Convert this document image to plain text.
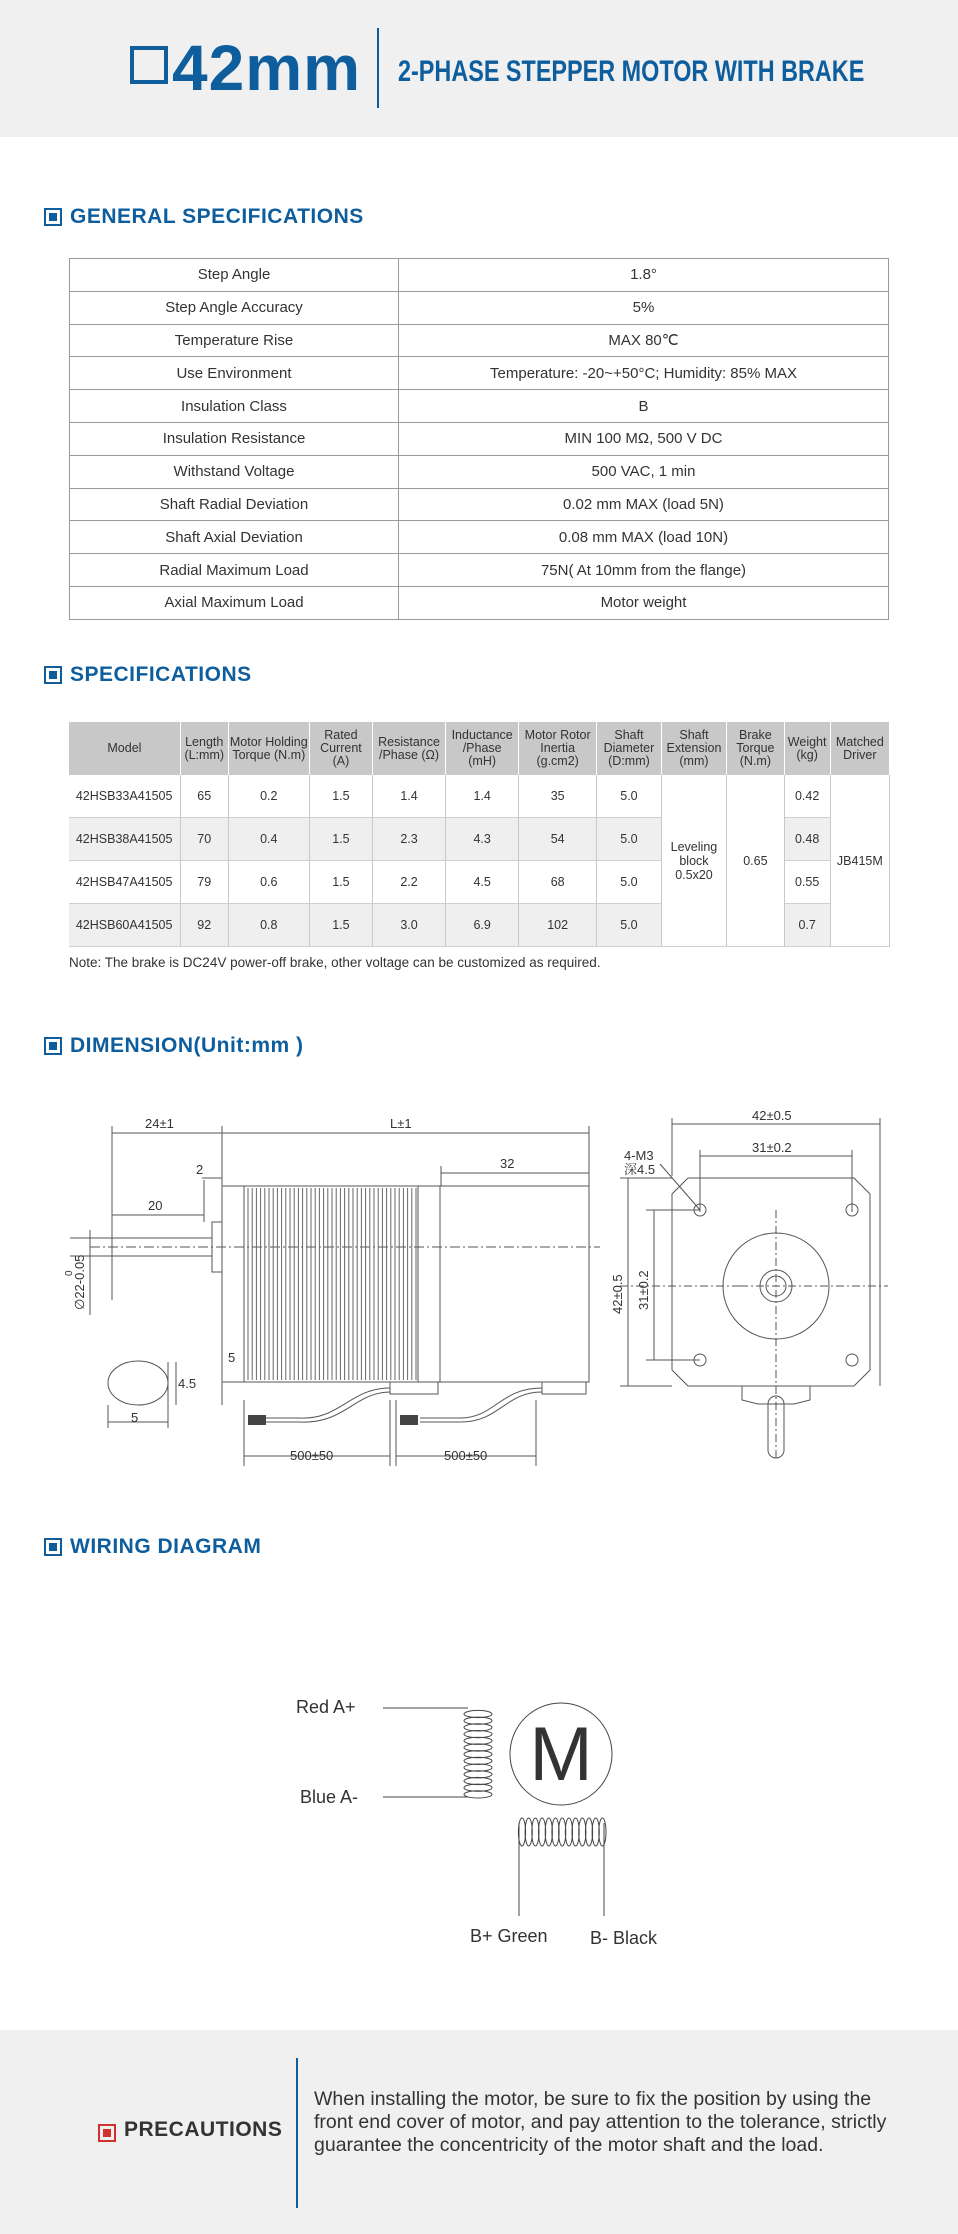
42mm 2-PHASE STEPPER MOTOR WITH BRAKE
GENERAL SPECIFICATIONS
Step Angle	1.8°
Step Angle Accuracy	5%
Temperature Rise	MAX 80℃
Use Environment	Temperature: -20~+50°C; Humidity: 85% MAX
Insulation Class	B
Insulation Resistance	MIN 100 MΩ, 500 V DC
Withstand Voltage	500 VAC, 1 min
Shaft Radial Deviation	0.02 mm MAX (load 5N)
Shaft Axial Deviation	0.08 mm MAX (load 10N)
Radial Maximum Load	75N( At 10mm from the flange)
Axial Maximum Load	Motor weight
SPECIFICATIONS
Model	Length (L:mm)	Motor Holding Torque (N.m)	Rated Current (A)	Resistance /Phase (Ω)	Inductance /Phase (mH)	Motor Rotor Inertia (g.cm2)	Shaft Diameter (D:mm)	Shaft Extension (mm)	Brake Torque (N.m)	Weight (kg)	Matched Driver
42HSB33A41505	65	0.2	1.5	1.4	1.4	35	5.0	Leveling block 0.5x20	0.65	0.42	JB415M
42HSB38A41505	70	0.4	1.5	2.3	4.3	54	5.0			0.48	
42HSB47A41505	79	0.6	1.5	2.2	4.5	68	5.0			0.55	
42HSB60A41505	92	0.8	1.5	3.0	6.9	102	5.0			0.7	
Note: The brake is DC24V power-off brake, other voltage can be customized as required.
DIMENSION(Unit:mm )
24±1	L±1
32
20
2
4.5
5
5
500±50	500±50
∅22-0.05
0
42±0.5
31±0.2
4-M3
深4.5
42±0.5 31±0.2
WIRING DIAGRAM
Red A+
Blue A-
B+ Green B- Black
M
PRECAUTIONS
When installing the motor, be sure to fix the position by using the front end cover of motor, and pay attention to the tolerance, strictly guarantee the concentricity of the motor shaft and the load.
